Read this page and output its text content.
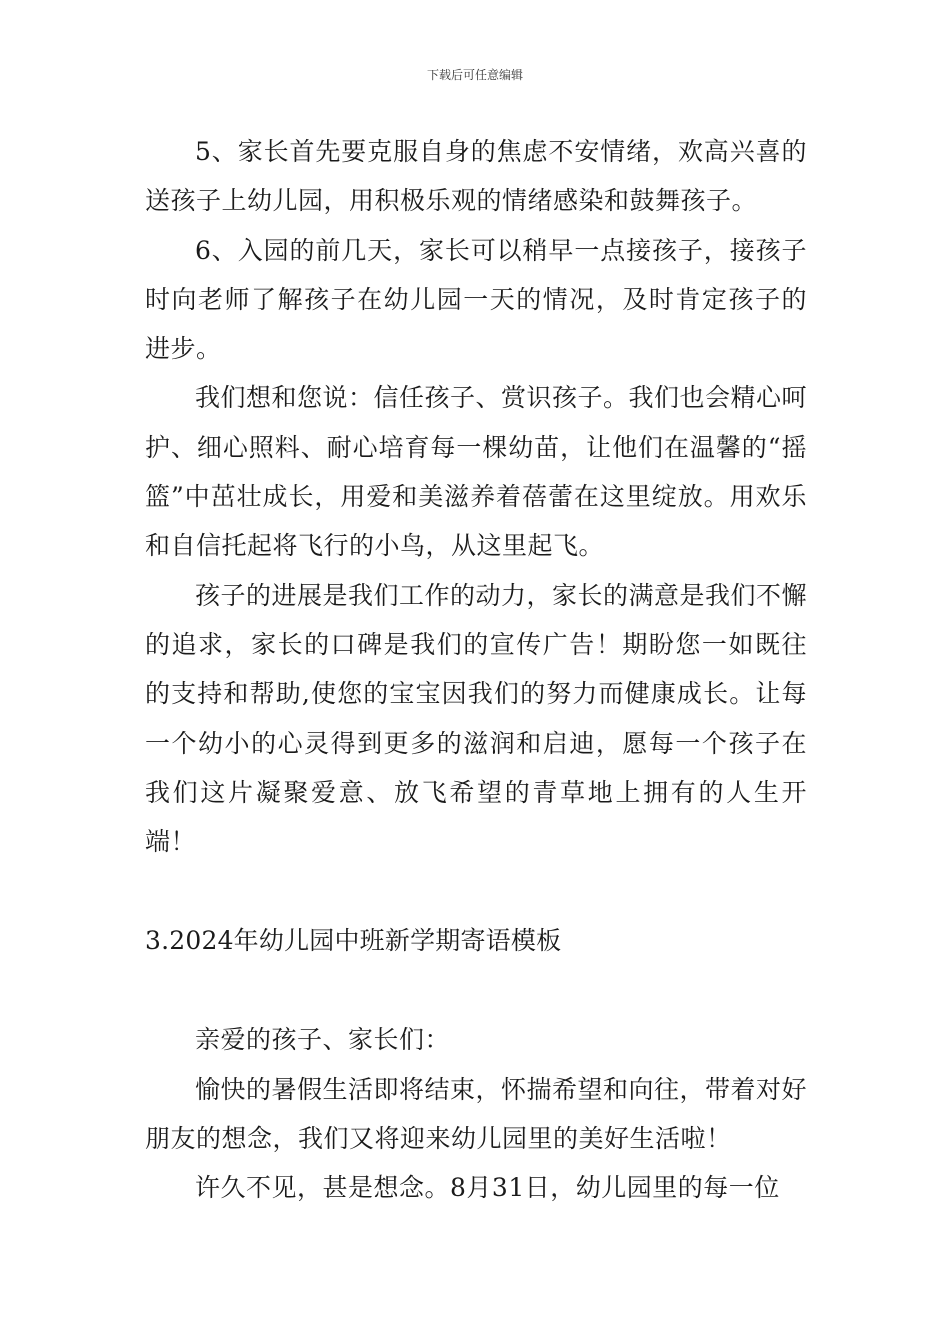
下载后可任意编辑

5、家长首先要克服自身的焦虑不安情绪，欢高兴喜的送孩子上幼儿园，用积极乐观的情绪感染和鼓舞孩子。

6、入园的前几天，家长可以稍早一点接孩子，接孩子时向老师了解孩子在幼儿园一天的情况，及时肯定孩子的进步。

我们想和您说：信任孩子、赏识孩子。我们也会精心呵护、细心照料、耐心培育每一棵幼苗，让他们在温馨的“摇篮”中茁壮成长，用爱和美滋养着蓓蕾在这里绽放。用欢乐和自信托起将飞行的小鸟，从这里起飞。

孩子的进展是我们工作的动力，家长的满意是我们不懈的追求，家长的口碑是我们的宣传广告！期盼您一如既往的支持和帮助,使您的宝宝因我们的努力而健康成长。让每一个幼小的心灵得到更多的滋润和启迪，愿每一个孩子在我们这片凝聚爱意、放飞希望的青草地上拥有的人生开端！

3.2024年幼儿园中班新学期寄语模板

亲爱的孩子、家长们：

愉快的暑假生活即将结束，怀揣希望和向往，带着对好朋友的想念，我们又将迎来幼儿园里的美好生活啦！

许久不见，甚是想念。8月31日，幼儿园里的每一位
